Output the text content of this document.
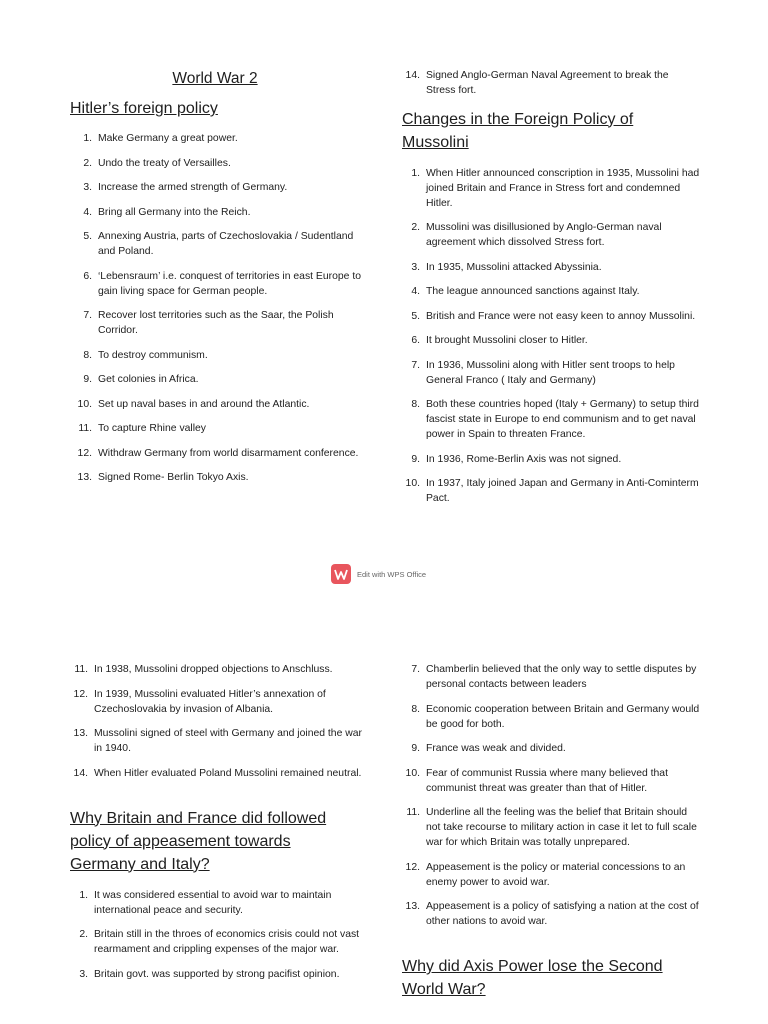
World War 2
Hitler’s foreign policy
1. Make Germany a great power.
2. Undo the treaty of Versailles.
3. Increase the armed strength of Germany.
4. Bring all Germany into the Reich.
5. Annexing Austria, parts of Czechoslovakia / Sudentland and Poland.
6. ‘Lebensraum’ i.e. conquest of territories in east Europe to gain living space for German people.
7. Recover lost territories such as the Saar, the Polish Corridor.
8. To destroy communism.
9. Get colonies in Africa.
10. Set up naval bases in and around the Atlantic.
11. To capture Rhine valley
12. Withdraw Germany from world disarmament conference.
13. Signed Rome- Berlin Tokyo Axis.
14. Signed Anglo-German Naval Agreement to break the Stress fort.
Changes in the Foreign Policy of Mussolini
1. When Hitler announced conscription in 1935, Mussolini had joined Britain and France in Stress fort and condemned Hitler.
2. Mussolini was disillusioned by Anglo-German naval agreement which dissolved Stress fort.
3. In 1935, Mussolini attacked Abyssinia.
4. The league announced sanctions against Italy.
5. British and France were not easy keen to annoy Mussolini.
6. It brought Mussolini closer to Hitler.
7. In 1936, Mussolini along with Hitler sent troops to help General Franco ( Italy and Germany)
8. Both these countries hoped (Italy + Germany) to setup third fascist state in Europe to end communism and to get naval power in Spain to threaten France.
9. In 1936, Rome-Berlin Axis was not signed.
10. In 1937, Italy joined Japan and Germany in Anti-Cominterm Pact.
Edit with WPS Office
11. In 1938, Mussolini dropped objections to Anschluss.
12. In 1939, Mussolini evaluated Hitler’s annexation of Czechoslovakia by invasion of Albania.
13. Mussolini signed of steel with Germany and joined the war in 1940.
14. When Hitler evaluated Poland Mussolini remained neutral.
Why Britain and France did followed policy of appeasement towards Germany and Italy?
1. It was considered essential to avoid war to maintain international peace and security.
2. Britain still in the throes of economics crisis could not vast rearmament and crippling expenses of the major war.
3. Britain govt. was supported by strong pacifist opinion.
7. Chamberlin believed that the only way to settle disputes by personal contacts between leaders
8. Economic cooperation between Britain and Germany would be good for both.
9. France was weak and divided.
10. Fear of communist Russia where many believed that communist threat was greater than that of Hitler.
11. Underline all the feeling was the belief that Britain should not take recourse to military action in case it let to full scale war for which Britain was totally unprepared.
12. Appeasement is the policy or material concessions to an enemy power to avoid war.
13. Appeasement is a policy of satisfying a nation at the cost of other nations to avoid war.
Why did Axis Power lose the Second World War?
